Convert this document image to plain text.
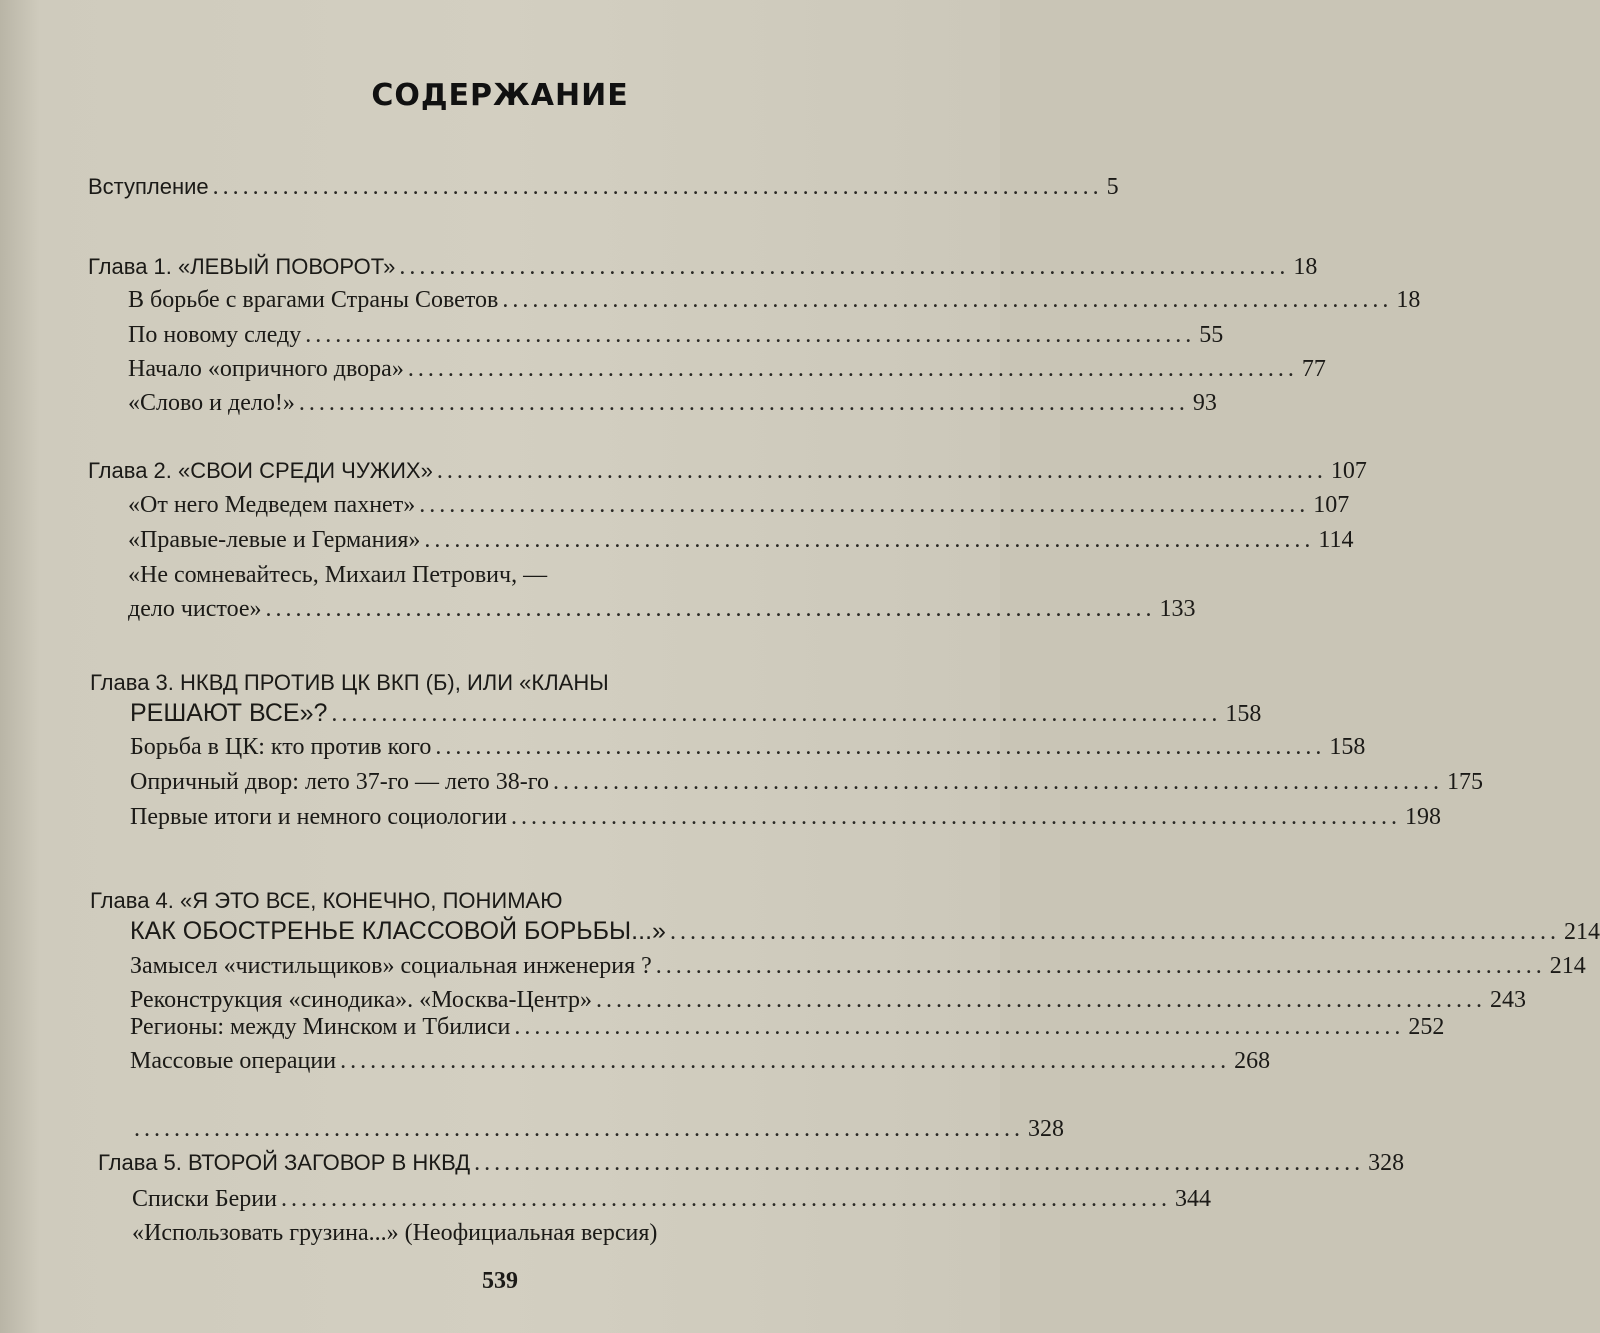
СОДЕРЖАНИЕ
Вступление ......................................................................................... 5
Глава 1. «ЛЕВЫЙ ПОВОРОТ» ......................................................................................... 18
В борьбе с врагами Страны Советов ......................................................................................... 18
По новому следу ......................................................................................... 55
Начало «опричного двора» ......................................................................................... 77
«Слово и дело!» ......................................................................................... 93
Глава 2. «СВОИ СРЕДИ ЧУЖИХ» ......................................................................................... 107
«От него Медведем пахнет» ......................................................................................... 107
«Правые-левые и Германия» ......................................................................................... 114
«Не сомневайтесь, Михаил Петрович, —
дело чистое» ......................................................................................... 133
Глава 3. НКВД ПРОТИВ ЦК ВКП (Б), ИЛИ «КЛАНЫ
РЕШАЮТ ВСЕ»? ......................................................................................... 158
Борьба в ЦК: кто против кого ......................................................................................... 158
Опричный двор: лето 37-го — лето 38-го ......................................................................................... 175
Первые итоги и немного социологии ......................................................................................... 198
Глава 4. «Я ЭТО ВСЕ, КОНЕЧНО, ПОНИМАЮ
КАК ОБОСТРЕНЬЕ КЛАССОВОЙ БОРЬБЫ...» ......................................................................................... 214
Замысел «чистильщиков» социальная инженерия ? ......................................................................................... 214
Реконструкция «синодика». «Москва-Центр» ......................................................................................... 243
Регионы: между Минском и Тбилиси ......................................................................................... 252
Массовые операции ......................................................................................... 268
......................................................................................... 328
Глава 5. ВТОРОЙ ЗАГОВОР В НКВД ......................................................................................... 328
Списки Берии ......................................................................................... 344
«Использовать грузина...» (Неофициальная версия)
539
